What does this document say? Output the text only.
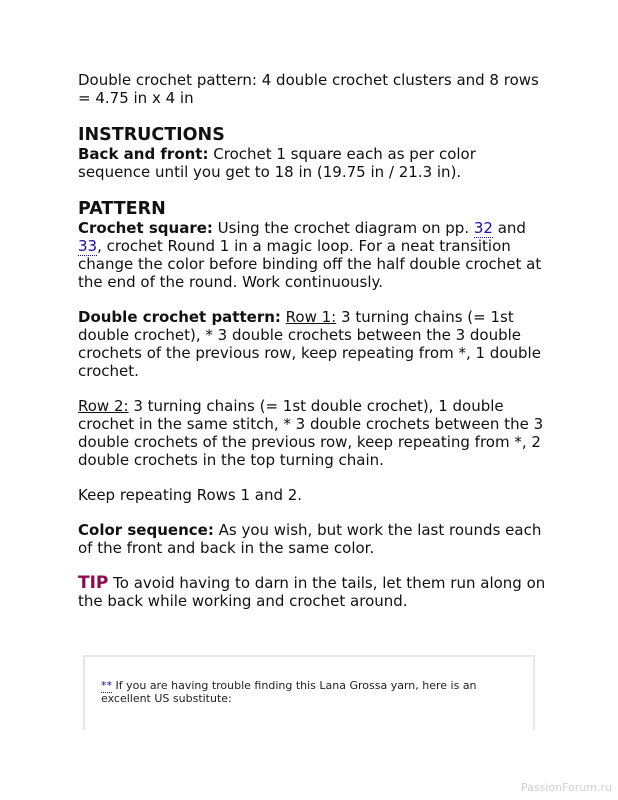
Double crochet pattern: 4 double crochet clusters and 8 rows = 4.75 in x 4 in

INSTRUCTIONS

Back and front: Crochet 1 square each as per color sequence until you get to 18 in (19.75 in / 21.3 in).

PATTERN

Crochet square: Using the crochet diagram on pp. 32 and 33, crochet Round 1 in a magic loop. For a neat transition change the color before binding off the half double crochet at the end of the round. Work continuously.

Double crochet pattern: Row 1: 3 turning chains (= 1st double crochet), * 3 double crochets between the 3 double crochets of the previous row, keep repeating from *, 1 double crochet.

Row 2: 3 turning chains (= 1st double crochet), 1 double crochet in the same stitch, * 3 double crochets between the 3 double crochets of the previous row, keep repeating from *, 2 double crochets in the top turning chain.

Keep repeating Rows 1 and 2.

Color sequence: As you wish, but work the last rounds each of the front and back in the same color.

TIP To avoid having to darn in the tails, let them run along on the back while working and crochet around.

** If you are having trouble finding this Lana Grossa yarn, here is an excellent US substitute:
PassionForum.ru
